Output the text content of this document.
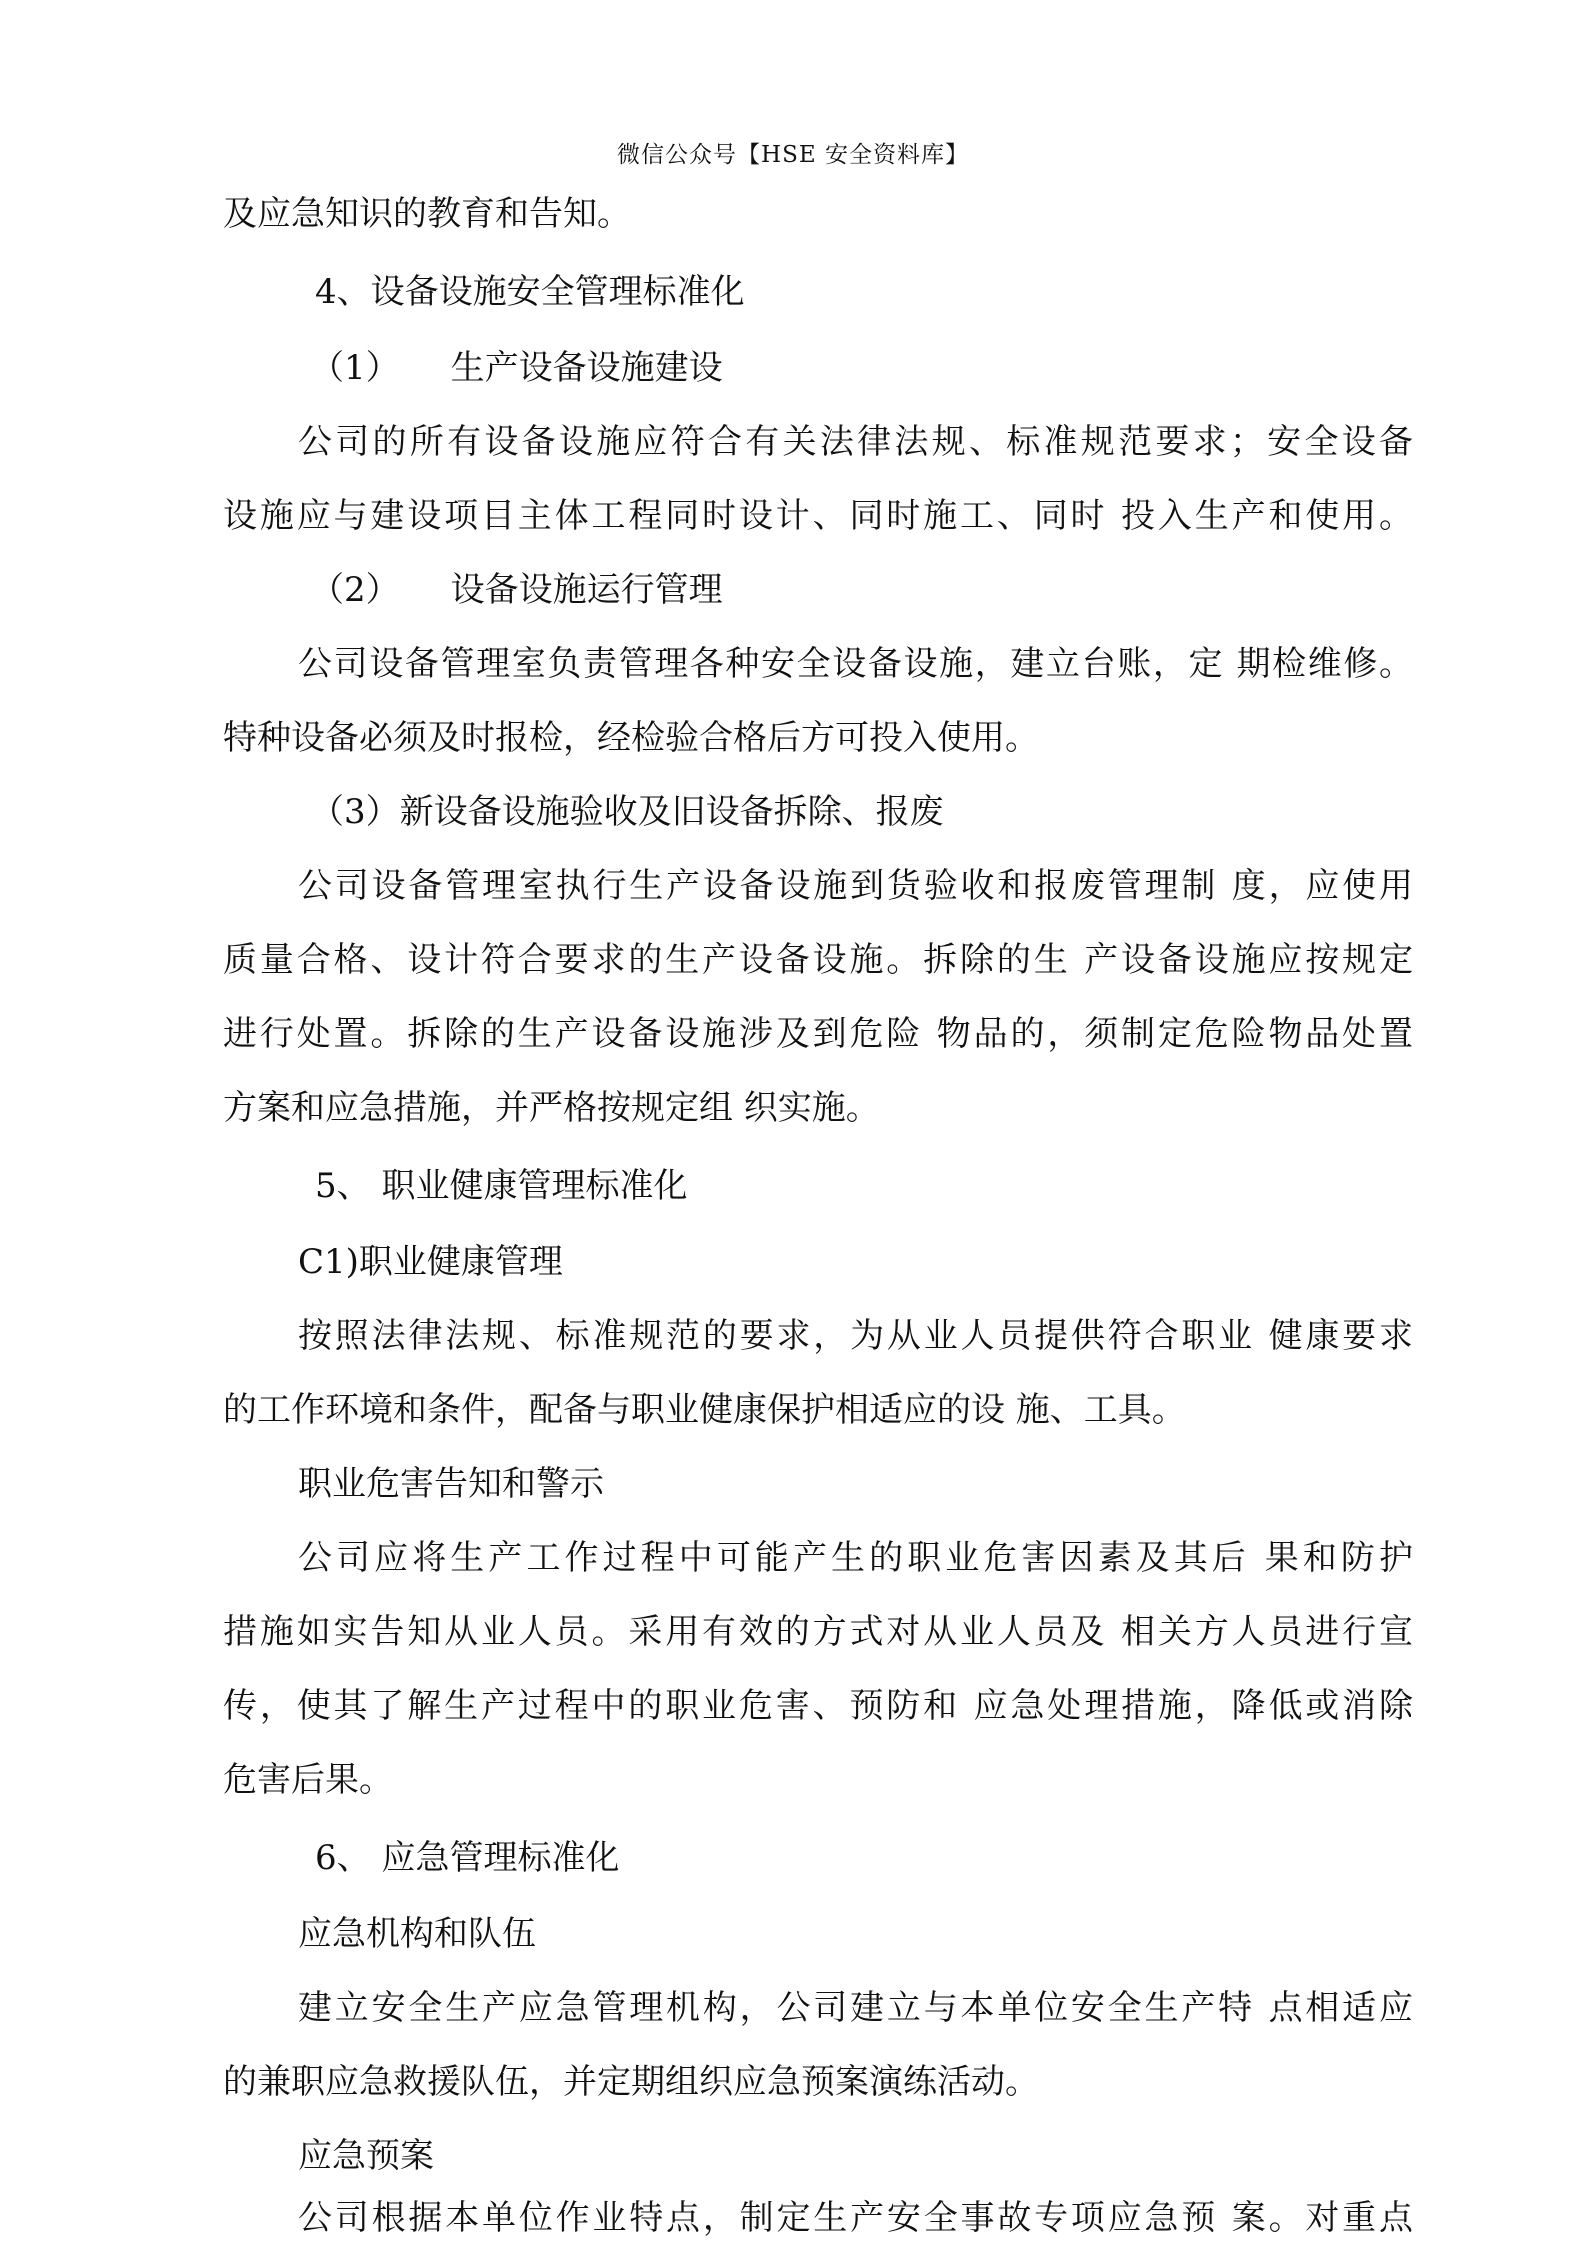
微信公众号【HSE 安全资料库】
及应急知识的教育和告知。
4、设备设施安全管理标准化
（1）　　生产设备设施建设
公司的所有设备设施应符合有关法律法规、标准规范要求；安全设备
设施应与建设项目主体工程同时设计、同时施工、同时 投入生产和使用。
（2）　　设备设施运行管理
公司设备管理室负责管理各种安全设备设施，建立台账，定 期检维修。
特种设备必须及时报检，经检验合格后方可投入使用。
（3）新设备设施验收及旧设备拆除、报废
公司设备管理室执行生产设备设施到货验收和报废管理制 度，应使用
质量合格、设计符合要求的生产设备设施。拆除的生 产设备设施应按规定
进行处置。拆除的生产设备设施涉及到危险 物品的，须制定危险物品处置
方案和应急措施，并严格按规定组 织实施。
5、 职业健康管理标准化
C1)职业健康管理
按照法律法规、标准规范的要求，为从业人员提供符合职业 健康要求
的工作环境和条件，配备与职业健康保护相适应的设 施、工具。
职业危害告知和警示
公司应将生产工作过程中可能产生的职业危害因素及其后 果和防护
措施如实告知从业人员。采用有效的方式对从业人员及 相关方人员进行宣
传，使其了解生产过程中的职业危害、预防和 应急处理措施，降低或消除
危害后果。
6、 应急管理标准化
应急机构和队伍
建立安全生产应急管理机构，公司建立与本单位安全生产特 点相适应
的兼职应急救援队伍，并定期组织应急预案演练活动。
应急预案
公司根据本单位作业特点，制定生产安全事故专项应急预 案。对重点
